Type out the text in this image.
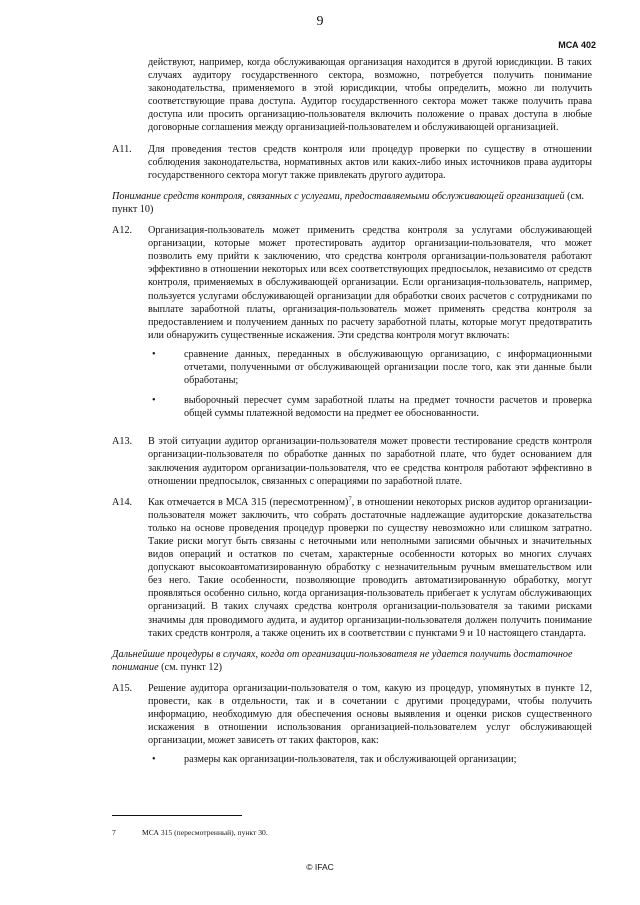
9
МСА 402
действуют, например, когда обслуживающая организация находится в другой юрисдикции. В таких случаях аудитору государственного сектора, возможно, потребуется получить понимание законодательства, применяемого в этой юрисдикции, чтобы определить, можно ли получить соответствующие права доступа. Аудитор государственного сектора может также получить права доступа или просить организацию-пользователя включить положение о правах доступа в любые договорные соглашения между организацией-пользователем и обслуживающей организацией.
A11.	Для проведения тестов средств контроля или процедур проверки по существу в отношении соблюдения законодательства, нормативных актов или каких-либо иных источников права аудиторы государственного сектора могут также привлекать другого аудитора.
Понимание средств контроля, связанных с услугами, предоставляемыми обслуживающей организацией (см. пункт 10)
A12.	Организация-пользователь может применить средства контроля за услугами обслуживающей организации, которые может протестировать аудитор организации-пользователя, что может позволить ему прийти к заключению, что средства контроля организации-пользователя работают эффективно в отношении некоторых или всех соответствующих предпосылок, независимо от средств контроля, применяемых в обслуживающей организации. Если организация-пользователь, например, пользуется услугами обслуживающей организации для обработки своих расчетов с сотрудниками по выплате заработной платы, организация-пользователь может применять средства контроля за предоставлением и получением данных по расчету заработной платы, которые могут предотвратить или обнаружить существенные искажения. Эти средства контроля могут включать:
•	сравнение данных, переданных в обслуживающую организацию, с информационными отчетами, полученными от обслуживающей организации после того, как эти данные были обработаны;
•	выборочный пересчет сумм заработной платы на предмет точности расчетов и проверка общей суммы платежной ведомости на предмет ее обоснованности.
A13.	В этой ситуации аудитор организации-пользователя может провести тестирование средств контроля организации-пользователя по обработке данных по заработной плате, что будет основанием для заключения аудитором организации-пользователя, что ее средства контроля работают эффективно в отношении предпосылок, связанных с операциями по заработной плате.
A14.	Как отмечается в МСА 315 (пересмотренном)$^7$, в отношении некоторых рисков аудитор организации-пользователя может заключить, что собрать достаточные надлежащие аудиторские доказательства только на основе проведения процедур проверки по существу невозможно или слишком затратно. Такие риски могут быть связаны с неточными или неполными записями обычных и значительных видов операций и остатков по счетам, характерные особенности которых во многих случаях допускают высокоавтоматизированную обработку с незначительным ручным вмешательством или без него. Такие особенности, позволяющие проводить автоматизированную обработку, могут проявляться особенно сильно, когда организация-пользователь прибегает к услугам обслуживающих организаций. В таких случаях средства контроля организации-пользователя за такими рисками значимы для проводимого аудита, и аудитор организации-пользователя должен получить понимание таких средств контроля, а также оценить их в соответствии с пунктами 9 и 10 настоящего стандарта.
Дальнейшие процедуры в случаях, когда от организации-пользователя не удается получить достаточное понимание (см. пункт 12)
A15.	Решение аудитора организации-пользователя о том, какую из процедур, упомянутых в пункте 12, провести, как в отдельности, так и в сочетании с другими процедурами, чтобы получить информацию, необходимую для обеспечения основы выявления и оценки рисков существенного искажения в отношении использования организацией-пользователем услуг обслуживающей организации, может зависеть от таких факторов, как:
•	размеры как организации-пользователя, так и обслуживающей организации;
7	МСА 315 (пересмотренный), пункт 30.
© IFAC
